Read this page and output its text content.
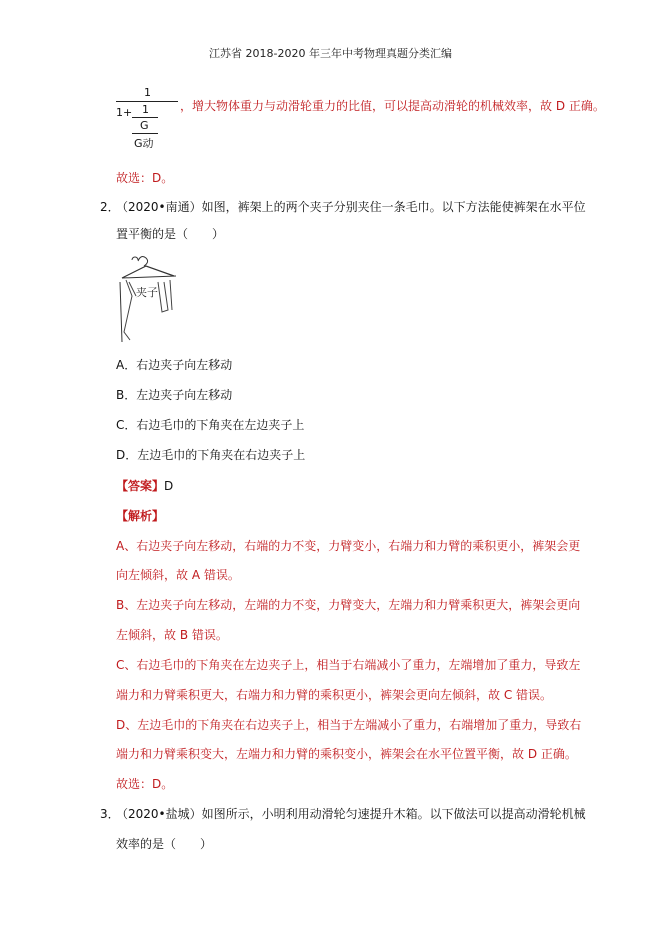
江苏省 2018-2020 年三年中考物理真题分类汇编
1
1+ 1
G
G动
，增大物体重力与动滑轮重力的比值，可以提高动滑轮的机械效率，故 D 正确。
故选：D。
2．
（2020•南通）如图，裤架上的两个夹子分别夹住一条毛巾。以下方法能使裤架在水平位
置平衡的是（　　）
夹子
A．右边夹子向左移动
B．左边夹子向左移动
C．右边毛巾的下角夹在左边夹子上
D．左边毛巾的下角夹在右边夹子上
【答案】D
【解析】
A、右边夹子向左移动，右端的力不变，力臂变小，右端力和力臂的乘积更小，裤架会更
向左倾斜，故 A 错误。
B、左边夹子向左移动，左端的力不变，力臂变大，左端力和力臂乘积更大，裤架会更向
左倾斜，故 B 错误。
C、右边毛巾的下角夹在左边夹子上，相当于右端减小了重力，左端增加了重力，导致左
端力和力臂乘积更大，右端力和力臂的乘积更小，裤架会更向左倾斜，故 C 错误。
D、左边毛巾的下角夹在右边夹子上，相当于左端减小了重力，右端增加了重力，导致右
端力和力臂乘积变大，左端力和力臂的乘积变小，裤架会在水平位置平衡，故 D 正确。
故选：D。
3．
（2020•盐城）如图所示，小明利用动滑轮匀速提升木箱。以下做法可以提高动滑轮机械
效率的是（　　）
